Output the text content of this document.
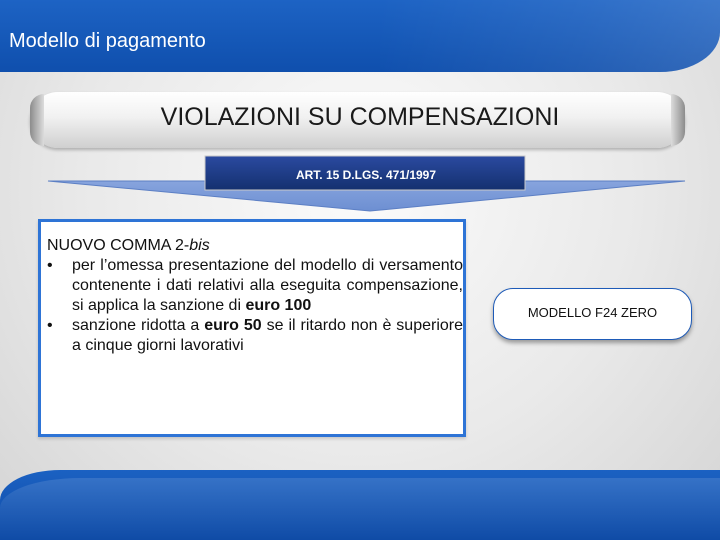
Modello di pagamento
VIOLAZIONI SU COMPENSAZIONI
ART. 15 D.LGS. 471/1997

NUOVO COMMA 2-bis

• per l’omessa presentazione del modello di versamento contenente i dati relativi alla eseguita compensazione, si applica la sanzione di euro 100
• sanzione ridotta a euro 50 se il ritardo non è superiore a cinque giorni lavorativi
MODELLO F24 ZERO
